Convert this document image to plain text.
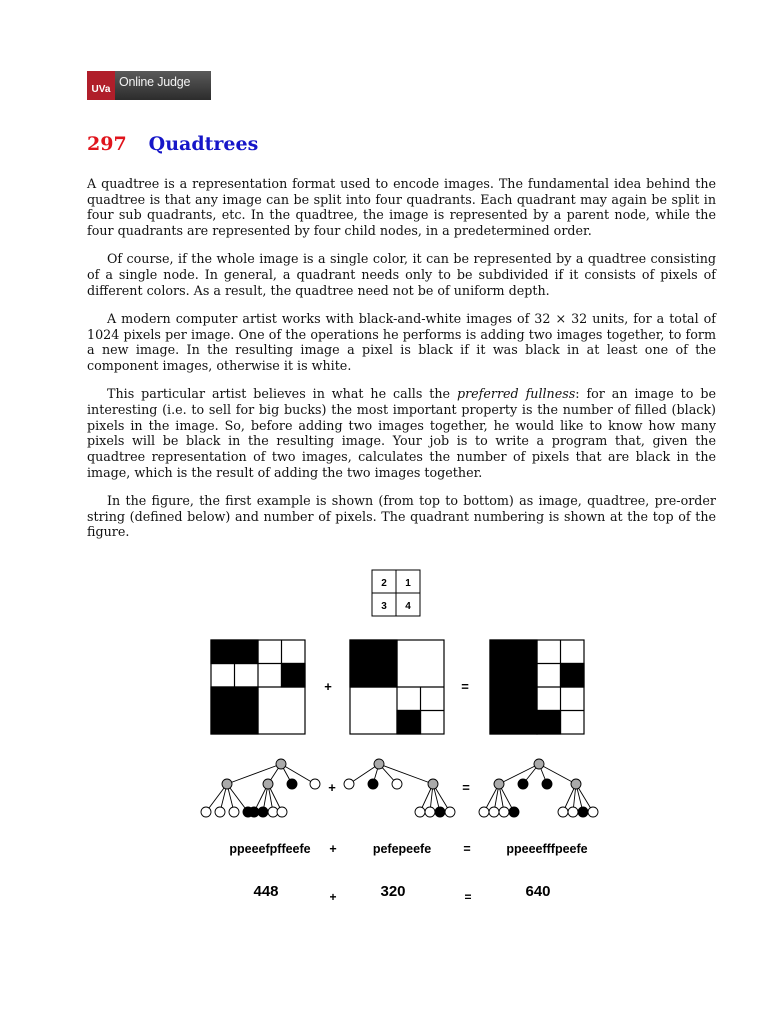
UVa
Online Judge
297 Quadtrees

A quadtree is a representation format used to encode images. The fundamental idea behind the quadtree is that any image can be split into four quadrants. Each quadrant may again be split in four sub quadrants, etc. In the quadtree, the image is represented by a parent node, while the four quadrants are represented by four child nodes, in a predetermined order.

Of course, if the whole image is a single color, it can be represented by a quadtree consisting of a single node. In general, a quadrant needs only to be subdivided if it consists of pixels of different colors. As a result, the quadtree need not be of uniform depth.

A modern computer artist works with black-and-white images of 32 × 32 units, for a total of 1024 pixels per image. One of the operations he performs is adding two images together, to form a new image. In the resulting image a pixel is black if it was black in at least one of the component images, otherwise it is white.

This particular artist believes in what he calls the preferred fullness: for an image to be interesting (i.e. to sell for big bucks) the most important property is the number of filled (black) pixels in the image. So, before adding two images together, he would like to know how many pixels will be black in the resulting image. Your job is to write a program that, given the quadtree representation of two images, calculates the number of pixels that are black in the image, which is the result of adding the two images together.

In the figure, the first example is shown (from top to bottom) as image, quadtree, pre-order string (defined below) and number of pixels. The quadrant numbering is shown at the top of the figure.

2 1
3 4
+	=
+	=
ppeeefpffeefe +	pefepeefe	=	ppeeefffpeefe
448	+	320	=	640
